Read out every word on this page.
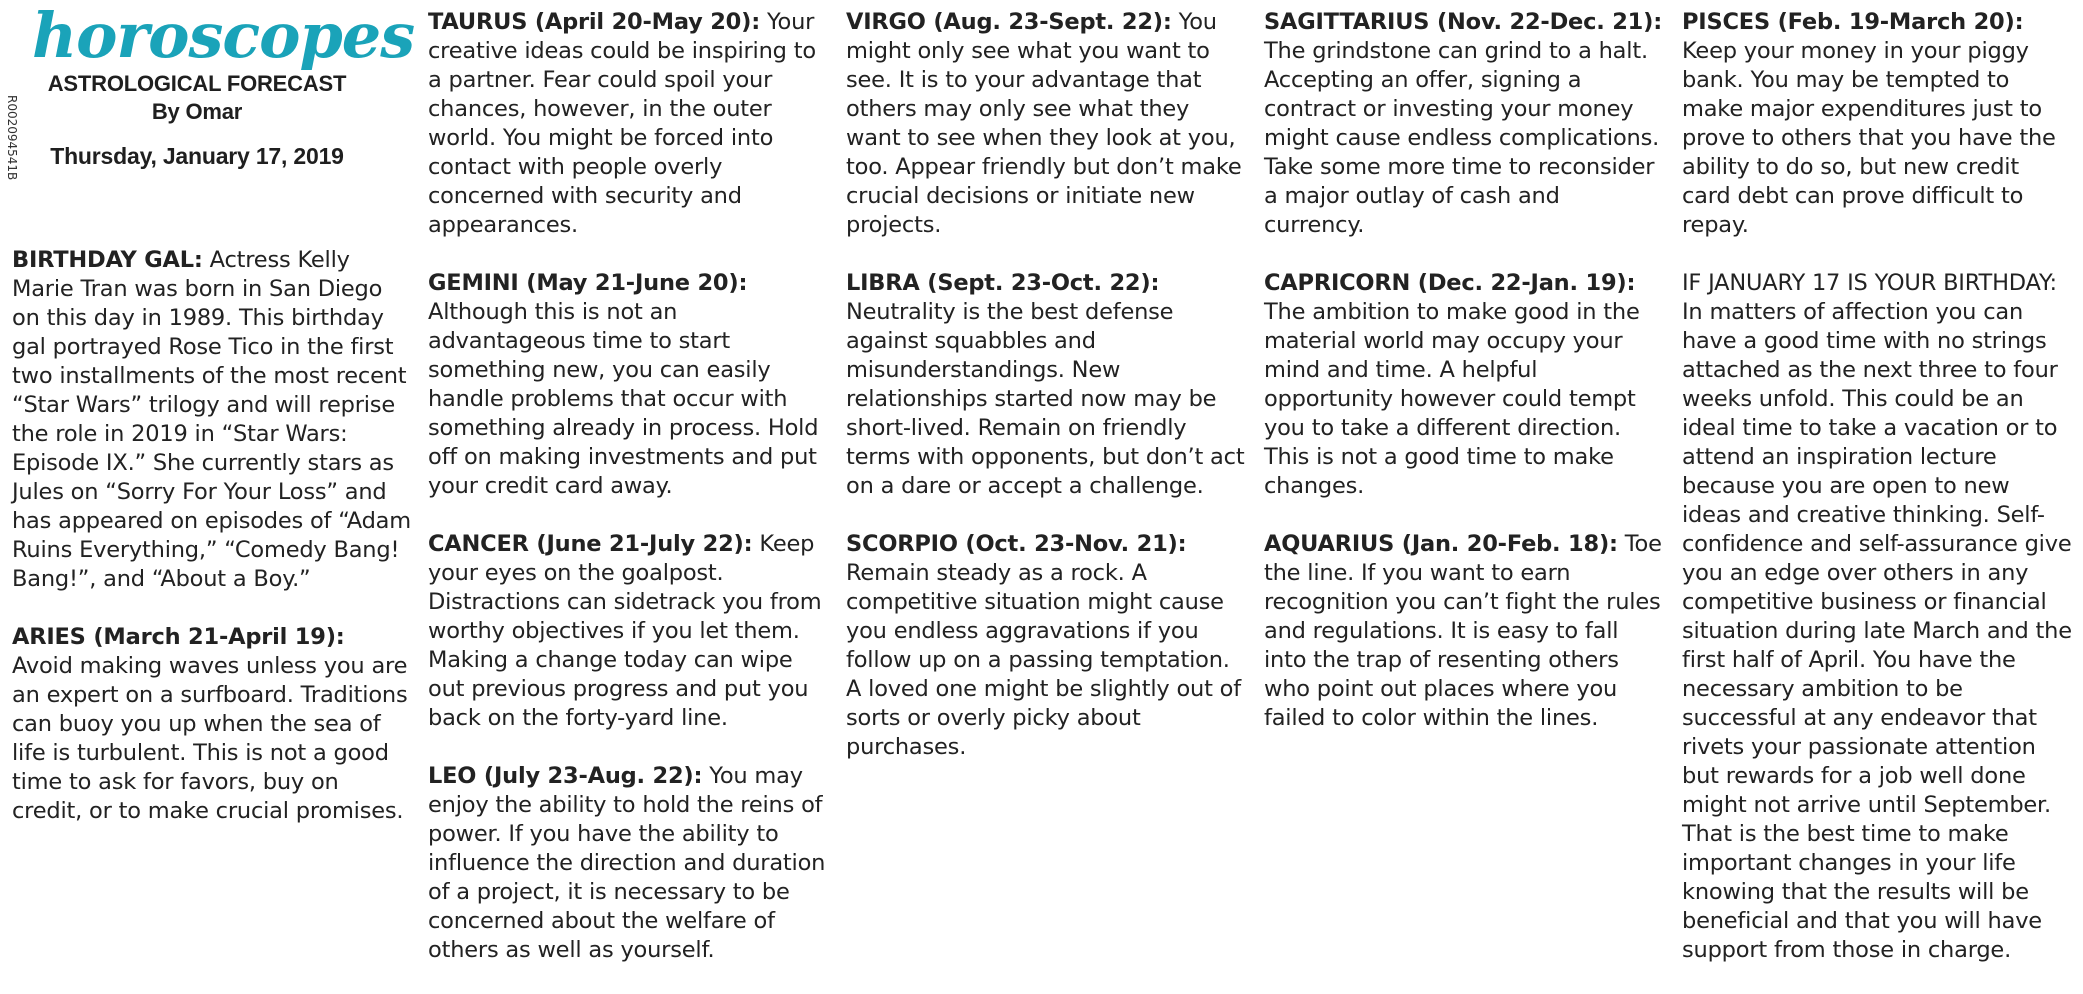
R002094541B
horoscopes
ASTROLOGICAL FORECAST
By Omar
Thursday, January 17, 2019

BIRTHDAY GAL: Actress Kelly Marie Tran was born in San Diego on this day in 1989. This birthday gal portrayed Rose Tico in the first two installments of the most recent “Star Wars” trilogy and will reprise the role in 2019 in “Star Wars: Episode IX.” She currently stars as Jules on “Sorry For Your Loss” and has appeared on episodes of “Adam Ruins Everything,” “Comedy Bang! Bang!”, and “About a Boy.”

ARIES (March 21-April 19): Avoid making waves unless you are an expert on a surfboard. Traditions can buoy you up when the sea of life is turbulent. This is not a good time to ask for favors, buy on credit, or to make crucial promises.

TAURUS (April 20-May 20): Your creative ideas could be inspiring to a partner. Fear could spoil your chances, however, in the outer world. You might be forced into contact with people overly concerned with security and appearances.

GEMINI (May 21-June 20): Although this is not an advantageous time to start something new, you can easily handle problems that occur with something already in process. Hold off on making investments and put your credit card away.

CANCER (June 21-July 22): Keep your eyes on the goalpost. Distractions can sidetrack you from worthy objectives if you let them. Making a change today can wipe out previous progress and put you back on the forty-yard line.

LEO (July 23-Aug. 22): You may enjoy the ability to hold the reins of power. If you have the ability to influence the direction and duration of a project, it is necessary to be concerned about the welfare of others as well as yourself.

VIRGO (Aug. 23-Sept. 22): You might only see what you want to see. It is to your advantage that others may only see what they want to see when they look at you, too. Appear friendly but don’t make crucial decisions or initiate new projects.

LIBRA (Sept. 23-Oct. 22): Neutrality is the best defense against squabbles and misunderstandings. New relationships started now may be short-lived. Remain on friendly terms with opponents, but don’t act on a dare or accept a challenge.

SCORPIO (Oct. 23-Nov. 21): Remain steady as a rock. A competitive situation might cause you endless aggravations if you follow up on a passing temptation. A loved one might be slightly out of sorts or overly picky about purchases.

SAGITTARIUS (Nov. 22-Dec. 21): The grindstone can grind to a halt. Accepting an offer, signing a contract or investing your money might cause endless complications. Take some more time to reconsider a major outlay of cash and currency.

CAPRICORN (Dec. 22-Jan. 19): The ambition to make good in the material world may occupy your mind and time. A helpful opportunity however could tempt you to take a different direction. This is not a good time to make changes.

AQUARIUS (Jan. 20-Feb. 18): Toe the line. If you want to earn recognition you can’t fight the rules and regulations. It is easy to fall into the trap of resenting others who point out places where you failed to color within the lines.

PISCES (Feb. 19-March 20): Keep your money in your piggy bank. You may be tempted to make major expenditures just to prove to others that you have the ability to do so, but new credit card debt can prove difficult to repay.

IF JANUARY 17 IS YOUR BIRTHDAY: In matters of affection you can have a good time with no strings attached as the next three to four weeks unfold. This could be an ideal time to take a vacation or to attend an inspiration lecture because you are open to new ideas and creative thinking. Self-confidence and self-assurance give you an edge over others in any competitive business or financial situation during late March and the first half of April. You have the necessary ambition to be successful at any endeavor that rivets your passionate attention but rewards for a job well done might not arrive until September. That is the best time to make important changes in your life knowing that the results will be beneficial and that you will have support from those in charge.
